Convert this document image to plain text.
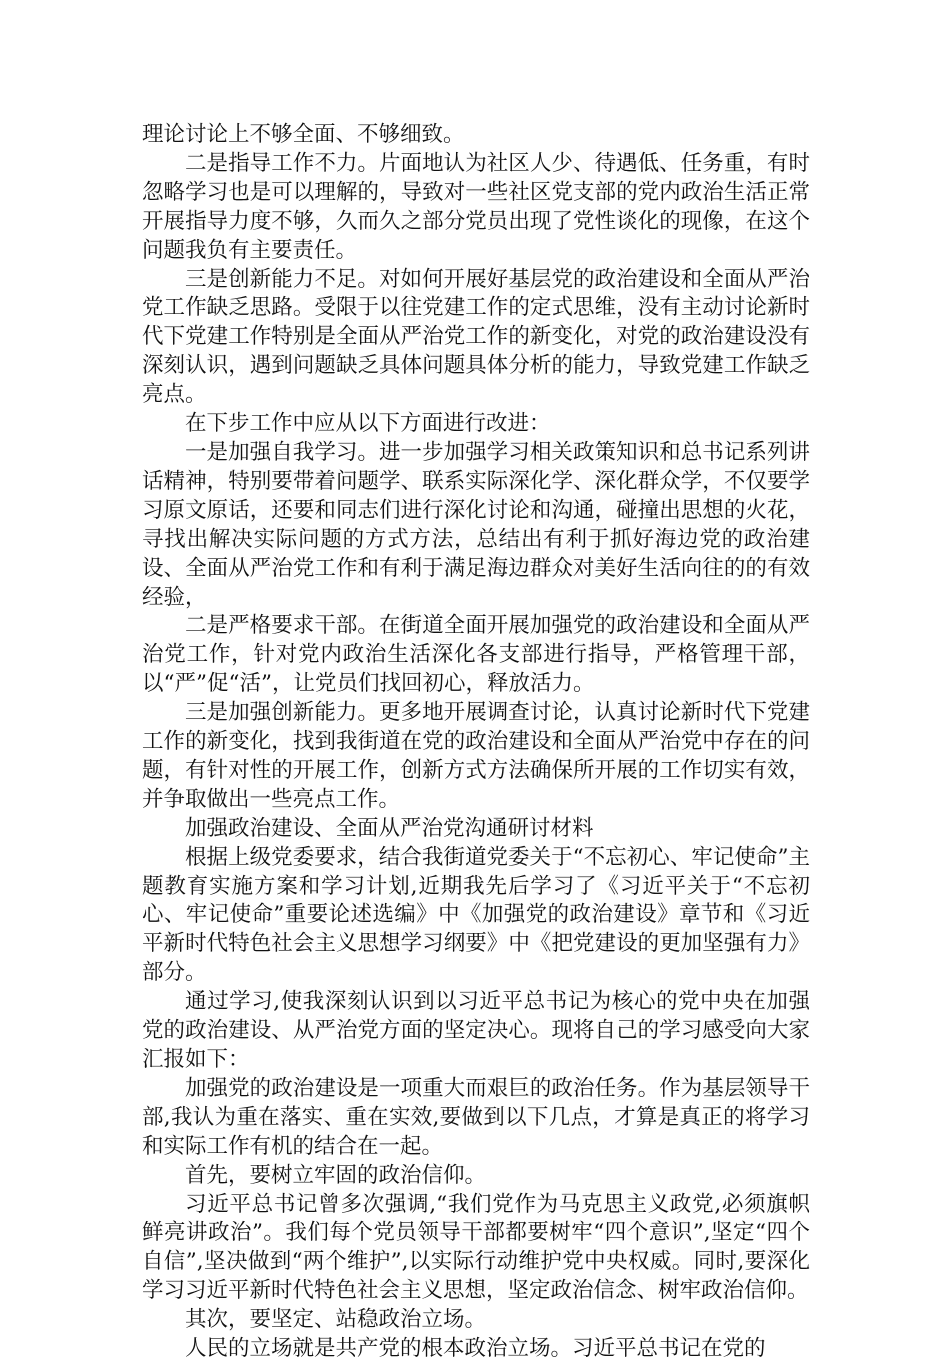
理论讨论上不够全面、不够细致。

二是指导工作不力。片面地认为社区人少、待遇低、任务重，有时忽略学习也是可以理解的，导致对一些社区党支部的党内政治生活正常开展指导力度不够，久而久之部分党员出现了党性谈化的现像，在这个问题我负有主要责任。

三是创新能力不足。对如何开展好基层党的政治建设和全面从严治党工作缺乏思路。受限于以往党建工作的定式思维，没有主动讨论新时代下党建工作特别是全面从严治党工作的新变化，对党的政治建设没有深刻认识，遇到问题缺乏具体问题具体分析的能力，导致党建工作缺乏亮点。

在下步工作中应从以下方面进行改进：

一是加强自我学习。进一步加强学习相关政策知识和总书记系列讲话精神，特别要带着问题学、联系实际深化学、深化群众学，不仅要学习原文原话，还要和同志们进行深化讨论和沟通，碰撞出思想的火花，寻找出解决实际问题的方式方法，总结出有利于抓好海边党的政治建设、全面从严治党工作和有利于满足海边群众对美好生活向往的的有效经验，

二是严格要求干部。在街道全面开展加强党的政治建设和全面从严治党工作，针对党内政治生活深化各支部进行指导，严格管理干部，以“严”促“活”，让党员们找回初心，释放活力。

三是加强创新能力。更多地开展调查讨论，认真讨论新时代下党建工作的新变化，找到我街道在党的政治建设和全面从严治党中存在的问题，有针对性的开展工作，创新方式方法确保所开展的工作切实有效，并争取做出一些亮点工作。

加强政治建设、全面从严治党沟通研讨材料

根据上级党委要求，结合我街道党委关于“不忘初心、牢记使命”主题教育实施方案和学习计划,近期我先后学习了《习近平关于“不忘初心、牢记使命”重要论述选编》中《加强党的政治建设》章节和《习近平新时代特色社会主义思想学习纲要》中《把党建设的更加坚强有力》部分。

通过学习,使我深刻认识到以习近平总书记为核心的党中央在加强党的政治建设、从严治党方面的坚定决心。现将自己的学习感受向大家汇报如下：

加强党的政治建设是一项重大而艰巨的政治任务。作为基层领导干部,我认为重在落实、重在实效,要做到以下几点，才算是真正的将学习和实际工作有机的结合在一起。

首先，要树立牢固的政治信仰。

习近平总书记曾多次强调,“我们党作为马克思主义政党,必须旗帜鲜亮讲政治”。我们每个党员领导干部都要树牢“四个意识”,坚定“四个自信”,坚决做到“两个维护”,以实际行动维护党中央权威。同时,要深化学习习近平新时代特色社会主义思想，坚定政治信念、树牢政治信仰。

其次，要坚定、站稳政治立场。

人民的立场就是共产党的根本政治立场。习近平总书记在党的
